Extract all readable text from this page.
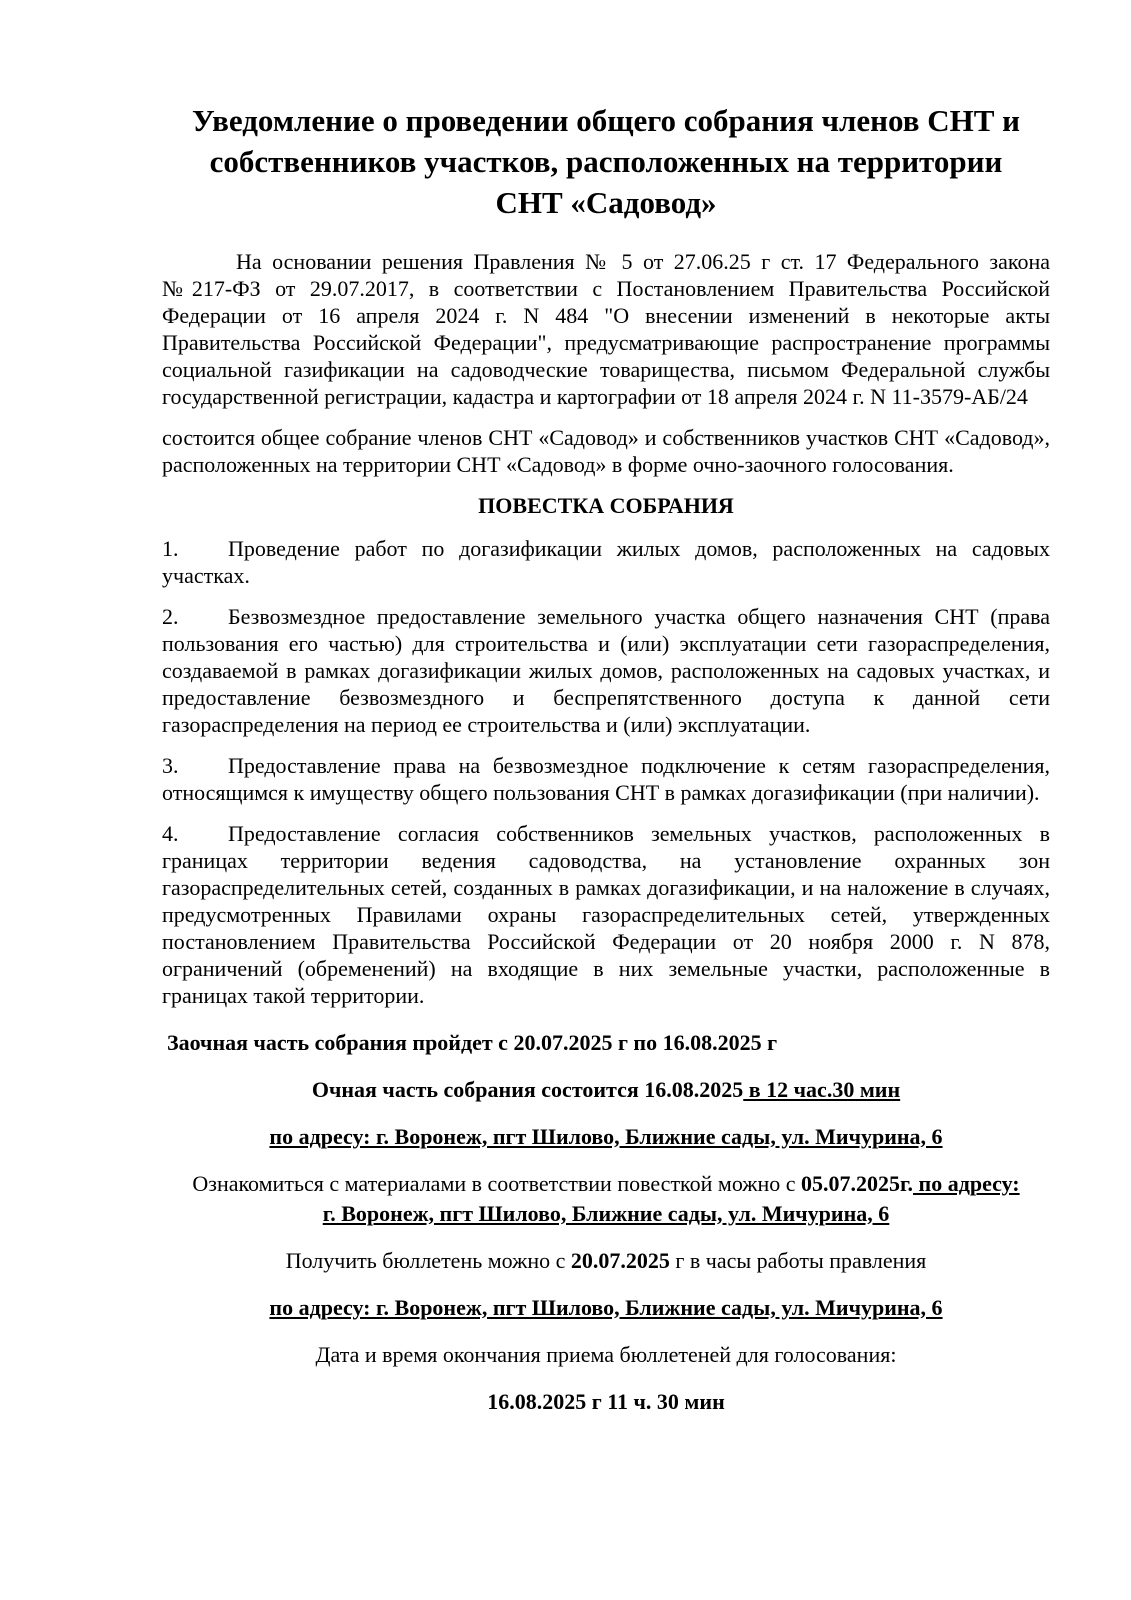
Уведомление о проведении общего собрания членов СНТ и собственников участков, расположенных на территории СНТ «Садовод»

На основании решения Правления № 5 от 27.06.25 г ст. 17 Федерального закона №217-ФЗ от 29.07.2017, в соответствии с Постановлением Правительства Российской Федерации от 16 апреля 2024 г. N 484 "О внесении изменений в некоторые акты Правительства Российской Федерации", предусматривающие распространение программы социальной газификации на садоводческие товарищества, письмом Федеральной службы государственной регистрации, кадастра и картографии от 18 апреля 2024 г. N 11-3579-АБ/24

состоится общее собрание членов СНТ «Садовод» и собственников участков СНТ «Садовод», расположенных на территории СНТ «Садовод» в форме очно-заочного голосования.

ПОВЕСТКА СОБРАНИЯ

1. Проведение работ по догазификации жилых домов, расположенных на садовых участках.

2. Безвозмездное предоставление земельного участка общего назначения СНТ (права пользования его частью) для строительства и (или) эксплуатации сети газораспределения, создаваемой в рамках догазификации жилых домов, расположенных на садовых участках, и предоставление безвозмездного и беспрепятственного доступа к данной сети газораспределения на период ее строительства и (или) эксплуатации.

3. Предоставление права на безвозмездное подключение к сетям газораспределения, относящимся к имуществу общего пользования СНТ в рамках догазификации (при наличии).

4. Предоставление согласия собственников земельных участков, расположенных в границах территории ведения садоводства, на установление охранных зон газораспределительных сетей, созданных в рамках догазификации, и на наложение в случаях, предусмотренных Правилами охраны газораспределительных сетей, утвержденных постановлением Правительства Российской Федерации от 20 ноября 2000 г. N 878, ограничений (обременений) на входящие в них земельные участки, расположенные в границах такой территории.

Заочная часть собрания пройдет с 20.07.2025 г по 16.08.2025 г

Очная часть собрания состоится 16.08.2025 в 12 час.30 мин

по адресу: г. Воронеж, пгт Шилово, Ближние сады, ул. Мичурина, 6

Ознакомиться с материалами в соответствии повесткой можно с 05.07.2025г. по адресу:

г. Воронеж, пгт Шилово, Ближние сады, ул. Мичурина, 6

Получить бюллетень можно с 20.07.2025 г в часы работы правления

по адресу: г. Воронеж, пгт Шилово, Ближние сады, ул. Мичурина, 6

Дата и время окончания приема бюллетеней для голосования:

16.08.2025 г 11 ч. 30 мин
